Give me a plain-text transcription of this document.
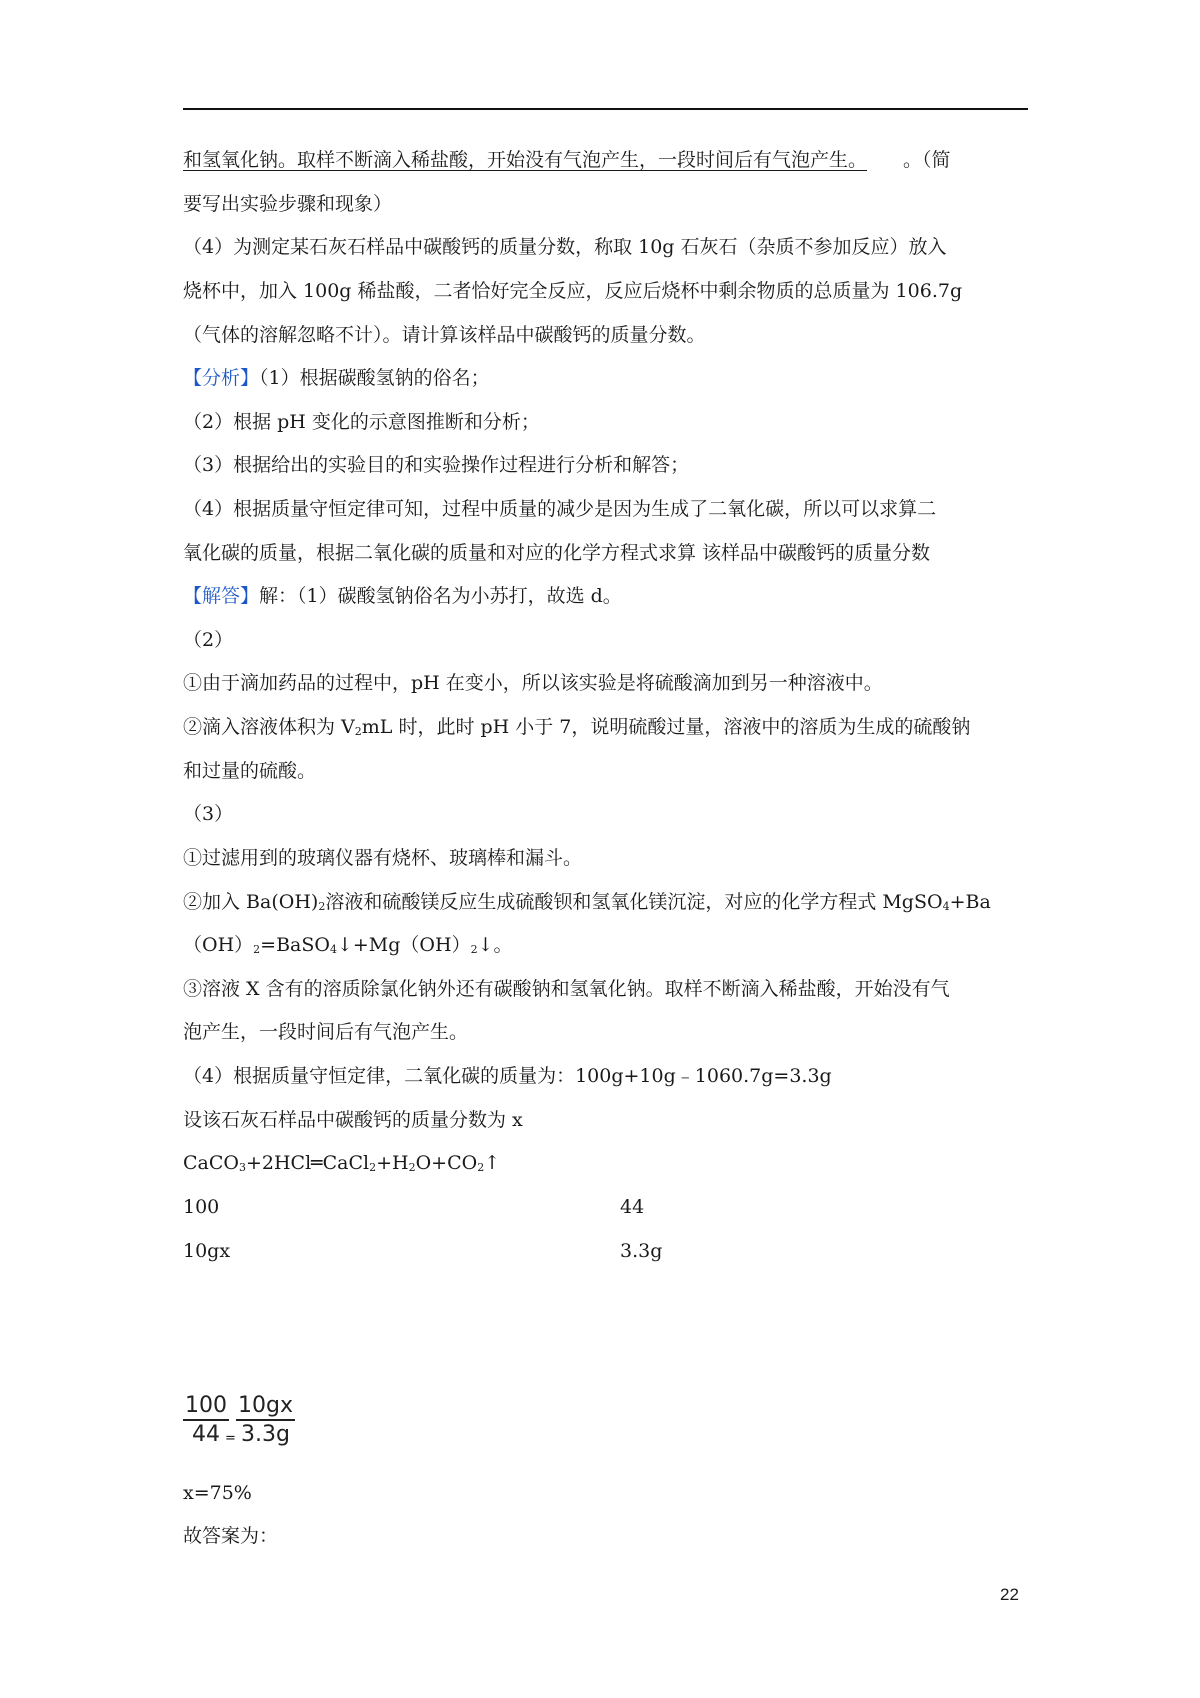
和氢氧化钠。取样不断滴入稀盐酸，开始没有气泡产生，一段时间后有气泡产生。 。（简
要写出实验步骤和现象）
（4）为测定某石灰石样品中碳酸钙的质量分数，称取 10g 石灰石（杂质不参加反应）放入
烧杯中，加入 100g 稀盐酸，二者恰好完全反应，反应后烧杯中剩余物质的总质量为 106.7g
（气体的溶解忽略不计）。请计算该样品中碳酸钙的质量分数。
【分析】（1）根据碳酸氢钠的俗名；
（2）根据 pH 变化的示意图推断和分析；
（3）根据给出的实验目的和实验操作过程进行分析和解答；
（4）根据质量守恒定律可知，过程中质量的减少是因为生成了二氧化碳，所以可以求算二
氧化碳的质量，根据二氧化碳的质量和对应的化学方程式求算 该样品中碳酸钙的质量分数
【解答】解：（1）碳酸氢钠俗名为小苏打，故选 d。
（2）
①由于滴加药品的过程中，pH 在变小，所以该实验是将硫酸滴加到另一种溶液中。
②滴入溶液体积为 $V_2mL$ 时，此时 pH 小于 7，说明硫酸过量，溶液中的溶质为生成的硫酸钠
和过量的硫酸。
（3）
①过滤用到的玻璃仪器有烧杯、玻璃棒和漏斗。
②加入 $Ba(OH)_2$溶液和硫酸镁反应生成硫酸钡和氢氧化镁沉淀，对应的化学方程式 MgSO$_4$+Ba
$(OH)_2=BaSO_4↓+Mg(OH)_2↓$。
③溶液 X 含有的溶质除氯化钠外还有碳酸钠和氢氧化钠。取样不断滴入稀盐酸，开始没有气
泡产生，一段时间后有气泡产生。
（4）根据质量守恒定律，二氧化碳的质量为：100g+10g﹣1060.7g=3.3g
设该石灰石样品中碳酸钙的质量分数为 x
$CaCO_3+2HCl═CaCl_2+H_2O+CO_2↑$
100	44
10gx	3.3g
$\frac{100}{44}$
= $\frac{10gx}{3.3g}$
x=75%
故答案为：
22
